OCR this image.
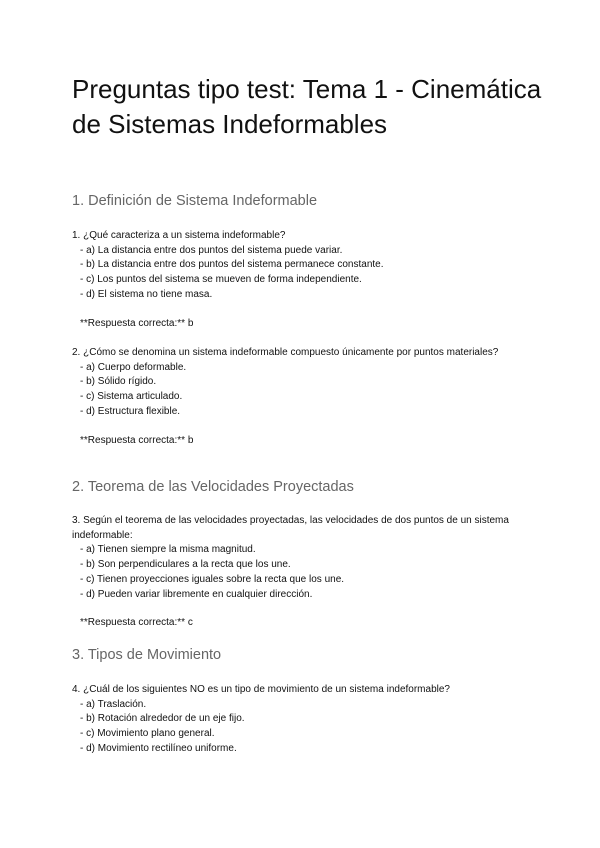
Preguntas tipo test: Tema 1 - Cinemática de Sistemas Indeformables
1. Definición de Sistema Indeformable

1. ¿Qué caracteriza a un sistema indeformable?

- a) La distancia entre dos puntos del sistema puede variar.
- b) La distancia entre dos puntos del sistema permanece constante.
- c) Los puntos del sistema se mueven de forma independiente.
- d) El sistema no tiene masa.

**Respuesta correcta:** b

2. ¿Cómo se denomina un sistema indeformable compuesto únicamente por puntos materiales?

- a) Cuerpo deformable.
- b) Sólido rígido.
- c) Sistema articulado.
- d) Estructura flexible.

**Respuesta correcta:** b

2. Teorema de las Velocidades Proyectadas

3. Según el teorema de las velocidades proyectadas, las velocidades de dos puntos de un sistema indeformable:

- a) Tienen siempre la misma magnitud.
- b) Son perpendiculares a la recta que los une.
- c) Tienen proyecciones iguales sobre la recta que los une.
- d) Pueden variar libremente en cualquier dirección.

**Respuesta correcta:** c

3. Tipos de Movimiento

4. ¿Cuál de los siguientes NO es un tipo de movimiento de un sistema indeformable?

- a) Traslación.
- b) Rotación alrededor de un eje fijo.
- c) Movimiento plano general.
- d) Movimiento rectilíneo uniforme.
